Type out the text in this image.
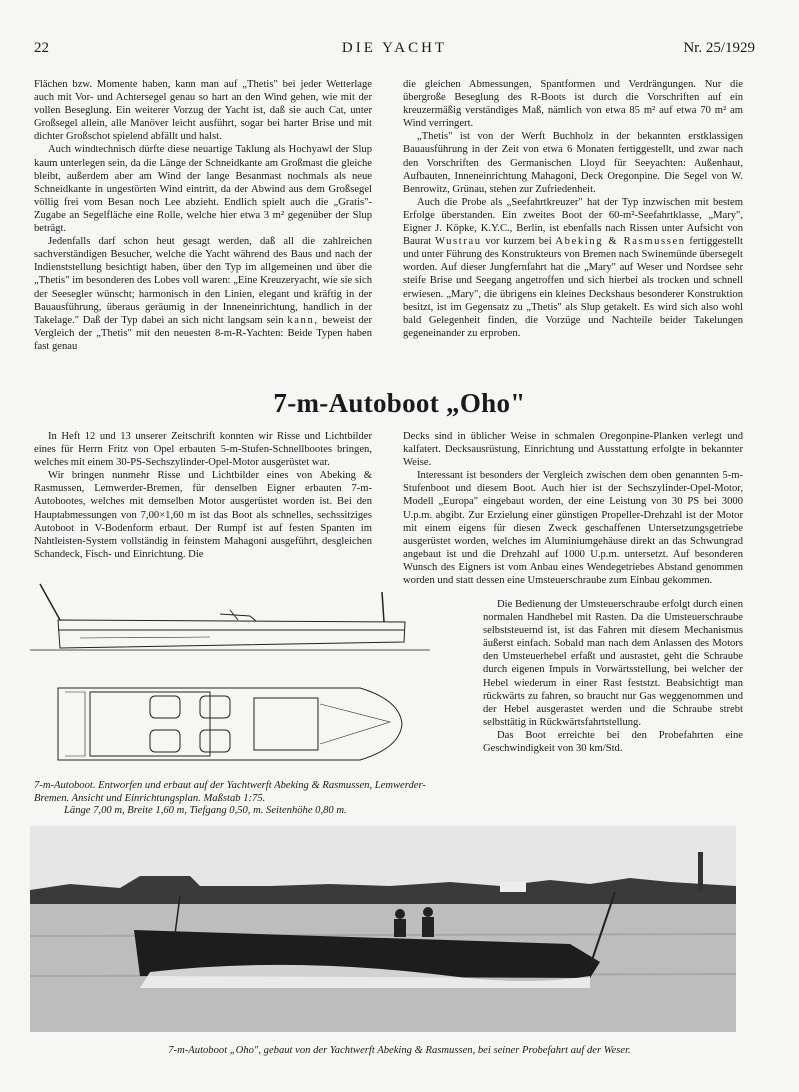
22	DIE YACHT	Nr. 25/1929

Flächen bzw. Momente haben, kann man auf „Thetis" bei jeder Wetterlage auch mit Vor- und Achtersegel genau so hart an den Wind gehen, wie mit der vollen Beseglung. Ein weiterer Vorzug der Yacht ist, daß sie auch Cat, unter Großsegel allein, alle Manöver leicht ausführt, sogar bei harter Brise und mit dichter Großschot spielend abfällt und halst.

Auch windtechnisch dürfte diese neuartige Taklung als Hochyawl der Slup kaum unterlegen sein, da die Länge der Schneidkante am Großmast die gleiche bleibt, außerdem aber am Wind der lange Besanmast nochmals als neue Schneidkante in ungestörten Wind eintritt, da der Abwind aus dem Großsegel völlig frei vom Besan noch Lee abzieht. Endlich spielt auch die „Gratis"-Zugabe an Segelfläche eine Rolle, welche hier etwa 3 m² gegenüber der Slup beträgt.

Jedenfalls darf schon heut gesagt werden, daß all die zahlreichen sachverständigen Besucher, welche die Yacht während des Baus und nach der Indienststellung besichtigt haben, über den Typ im allgemeinen und über die „Thetis" im besonderen des Lobes voll waren: „Eine Kreuzeryacht, wie sie sich der Seesegler wünscht; harmonisch in den Linien, elegant und kräftig in der Bauausführung, überaus geräumig in der Inneneinrichtung, handlich in der Takelage." Daß der Typ dabei an sich nicht langsam sein kann, beweist der Vergleich der „Thetis" mit den neuesten 8-m-R-Yachten: Beide Typen haben fast genau

die gleichen Abmessungen, Spantformen und Verdrängungen. Nur die übergroße Beseglung des R-Boots ist durch die Vorschriften auf ein kreuzermäßig verständiges Maß, nämlich von etwa 85 m² auf etwa 70 m² am Wind verringert.

„Thetis" ist von der Werft Buchholz in der bekannten erstklassigen Bauausführung in der Zeit von etwa 6 Monaten fertiggestellt, und zwar nach den Vorschriften des Germanischen Lloyd für Seeyachten: Außenhaut, Aufbauten, Inneneinrichtung Mahagoni, Deck Oregonpine. Die Segel von W. Benrowitz, Grünau, stehen zur Zufriedenheit.

Auch die Probe als „Seefahrtkreuzer" hat der Typ inzwischen mit bestem Erfolge überstanden. Ein zweites Boot der 60-m²-Seefahrtklasse, „Mary", Eigner J. Köpke, K.Y.C., Berlin, ist ebenfalls nach Rissen unter Aufsicht von Baurat Wustrau vor kurzem bei Abeking & Rasmussen fertiggestellt und unter Führung des Konstrukteurs von Bremen nach Swinemünde übersegelt worden. Auf dieser Jungfernfahrt hat die „Mary" auf Weser und Nordsee sehr steife Brise und Seegang angetroffen und sich hierbei als trocken und schnell erwiesen. „Mary", die übrigens ein kleines Deckshaus besonderer Konstruktion besitzt, ist im Gegensatz zu „Thetis" als Slup getakelt. Es wird sich also wohl bald Gelegenheit finden, die Vorzüge und Nachteile beider Takelungen gegeneinander zu erproben.

7-m-Autoboot „Oho"

In Heft 12 und 13 unserer Zeitschrift konnten wir Risse und Lichtbilder eines für Herrn Fritz von Opel erbauten 5-m-Stufen-Schnellbootes bringen, welches mit einem 30-PS-Sechszylinder-Opel-Motor ausgerüstet war.

Wir bringen nunmehr Risse und Lichtbilder eines von Abeking & Rasmussen, Lemwerder-Bremen, für denselben Eigner erbauten 7-m-Autobootes, welches mit demselben Motor ausgerüstet worden ist. Bei den Hauptabmessungen von 7,00×1,60 m ist das Boot als schnelles, sechssitziges Autoboot in V-Bodenform erbaut. Der Rumpf ist auf festen Spanten im Nahtleisten-System vollständig in feinstem Mahagoni ausgeführt, desgleichen Schandeck, Fisch- und Einrichtung. Die

Decks sind in üblicher Weise in schmalen Oregonpine-Planken verlegt und kalfatert. Decksausrüstung, Einrichtung und Ausstattung erfolgte in bekannter Weise.

Interessant ist besonders der Vergleich zwischen dem oben genannten 5-m-Stufenboot und diesem Boot. Auch hier ist der Sechszylinder-Opel-Motor, Modell „Europa" eingebaut worden, der eine Leistung von 30 PS bei 3000 U.p.m. abgibt. Zur Erzielung einer günstigen Propeller-Drehzahl ist der Motor mit einem eigens für diesen Zweck geschaffenen Untersetzungsgetriebe ausgerüstet worden, welches im Aluminiumgehäuse direkt an das Schwungrad angebaut ist und die Drehzahl auf 1000 U.p.m. untersetzt. Auf besonderen Wunsch des Eigners ist vom Anbau eines Wendegetriebes Abstand genommen worden und statt dessen eine Umsteuerschraube zum Einbau gekommen.

Die Bedienung der Umsteuerschraube erfolgt durch einen normalen Handhebel mit Rasten. Da die Umsteuerschraube selbststeuernd ist, ist das Fahren mit diesem Mechanismus äußerst einfach. Sobald man nach dem Anlassen des Motors den Umsteuerhebel erfaßt und ausrastet, geht die Schraube durch eigenen Impuls in Vorwärtsstellung, bei welcher der Hebel wiederum in einer Rast feststzt. Beabsichtigt man rückwärts zu fahren, so braucht nur Gas weggenommen und der Hebel ausgerastet werden und die Schraube strebt selbsttätig in Rückwärtsfahrtstellung.

Das Boot erreichte bei den Probefahrten eine Geschwindigkeit von 30 km/Std.

7-m-Autoboot. Entworfen und erbaut auf der Yachtwerft Abeking & Rasmussen, Lemwerder-Bremen. Ansicht und Einrichtungsplan. Maßstab 1:75.
Länge 7,00 m, Breite 1,60 m, Tiefgang 0,50, m. Seitenhöhe 0,80 m.
7-m-Autoboot „Oho", gebaut von der Yachtwerft Abeking & Rasmussen, bei seiner Probefahrt auf der Weser.
